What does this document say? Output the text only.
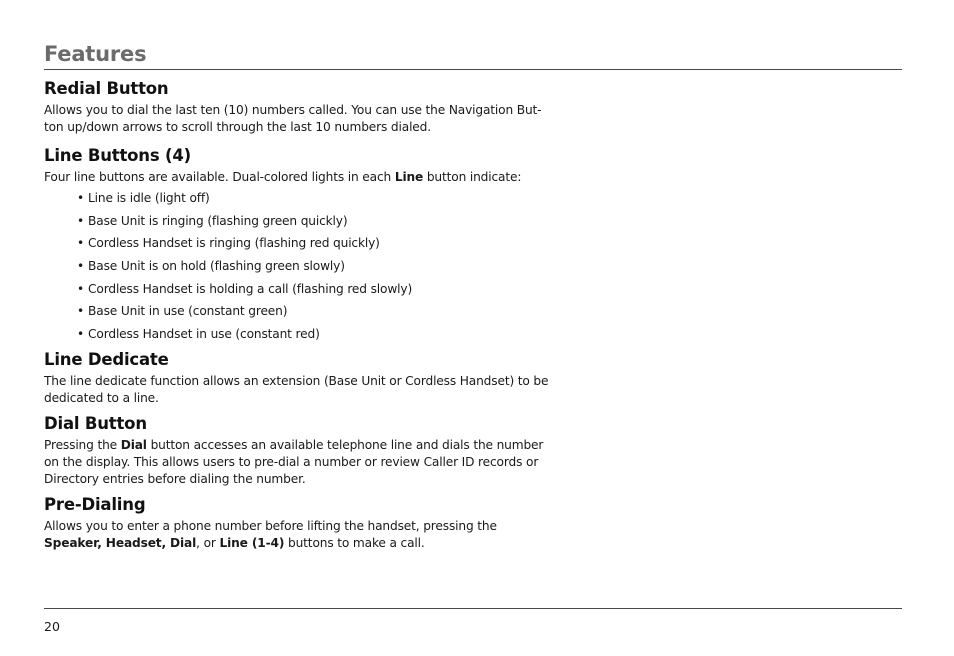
Features
Redial Button

Allows you to dial the last ten (10) numbers called. You can use the Navigation But-
ton up/down arrows to scroll through the last 10 numbers dialed.

Line Buttons (4)

Four line buttons are available. Dual-colored lights in each Line button indicate:

• Line is idle (light off)
• Base Unit is ringing (flashing green quickly)
• Cordless Handset is ringing (flashing red quickly)
• Base Unit is on hold (flashing green slowly)
• Cordless Handset is holding a call (flashing red slowly)
• Base Unit in use (constant green)
• Cordless Handset in use (constant red)
Line Dedicate

The line dedicate function allows an extension (Base Unit or Cordless Handset) to be
dedicated to a line.

Dial Button

Pressing the Dial button accesses an available telephone line and dials the number
on the display. This allows users to pre-dial a number or review Caller ID records or
Directory entries before dialing the number.

Pre-Dialing

Allows you to enter a phone number before lifting the handset, pressing the
Speaker, Headset, Dial, or Line (1-4) buttons to make a call.

20
